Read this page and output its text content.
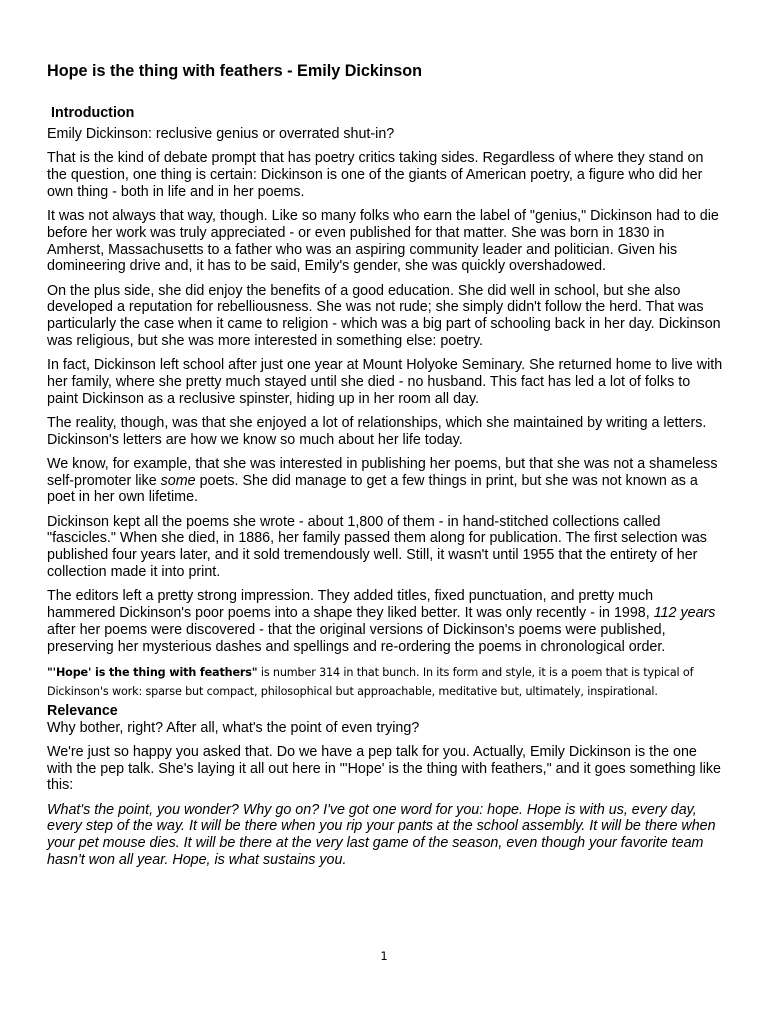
Hope is the thing with feathers - Emily Dickinson
Introduction

Emily Dickinson: reclusive genius or overrated shut-in?

That is the kind of debate prompt that has poetry critics taking sides. Regardless of where they stand on the question, one thing is certain: Dickinson is one of the giants of American poetry, a figure who did her own thing - both in life and in her poems.

It was not always that way, though. Like so many folks who earn the label of "genius," Dickinson had to die before her work was truly appreciated - or even published for that matter. She was born in 1830 in Amherst, Massachusetts to a father who was an aspiring community leader and politician. Given his domineering drive and, it has to be said, Emily's gender, she was quickly overshadowed.

On the plus side, she did enjoy the benefits of a good education. She did well in school, but she also developed a reputation for rebelliousness. She was not rude; she simply didn't follow the herd. That was particularly the case when it came to religion - which was a big part of schooling back in her day. Dickinson was religious, but she was more interested in something else: poetry.

In fact, Dickinson left school after just one year at Mount Holyoke Seminary. She returned home to live with her family, where she pretty much stayed until she died - no husband. This fact has led a lot of folks to paint Dickinson as a reclusive spinster, hiding up in her room all day.

The reality, though, was that she enjoyed a lot of relationships, which she maintained by writing a letters. Dickinson's letters are how we know so much about her life today.

We know, for example, that she was interested in publishing her poems, but that she was not a shameless self-promoter like some poets. She did manage to get a few things in print, but she was not known as a poet in her own lifetime.

Dickinson kept all the poems she wrote - about 1,800 of them - in hand-stitched collections called "fascicles." When she died, in 1886, her family passed them along for publication. The first selection was published four years later, and it sold tremendously well. Still, it wasn't until 1955 that the entirety of her collection made it into print.

The editors left a pretty strong impression. They added titles, fixed punctuation, and pretty much hammered Dickinson's poor poems into a shape they liked better. It was only recently - in 1998, 112 years after her poems were discovered - that the original versions of Dickinson's poems were published, preserving her mysterious dashes and spellings and re-ordering the poems in chronological order.

"'Hope' is the thing with feathers" is number 314 in that bunch. In its form and style, it is a poem that is typical of Dickinson's work: sparse but compact, philosophical but approachable, meditative but, ultimately, inspirational.

Relevance

Why bother, right? After all, what's the point of even trying?

We're just so happy you asked that. Do we have a pep talk for you. Actually, Emily Dickinson is the one with the pep talk. She's laying it all out here in "'Hope' is the thing with feathers," and it goes something like this:

What's the point, you wonder? Why go on? I've got one word for you: hope. Hope is with us, every day, every step of the way. It will be there when you rip your pants at the school assembly. It will be there when your pet mouse dies. It will be there at the very last game of the season, even though your favorite team hasn't won all year. Hope, is what sustains you.

1
